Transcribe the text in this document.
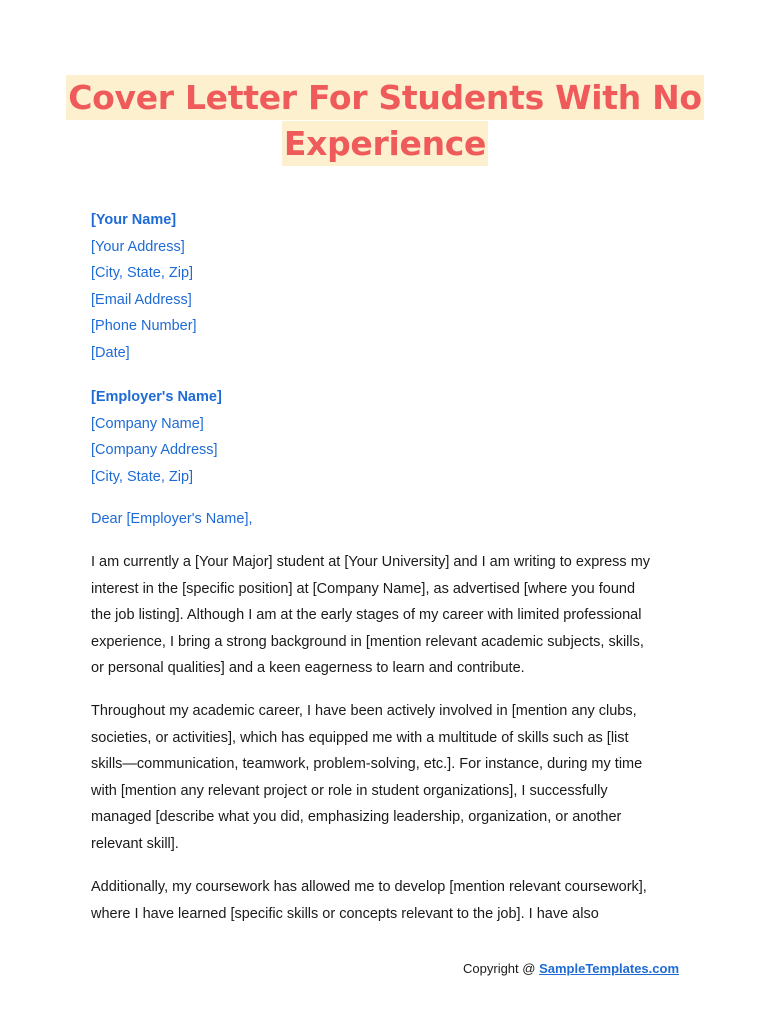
Cover Letter For Students With No
Experience
[Your Name]
[Your Address]
[City, State, Zip]
[Email Address]
[Phone Number]
[Date]
[Employer's Name]
[Company Name]
[Company Address]
[City, State, Zip]
Dear [Employer's Name],
I am currently a [Your Major] student at [Your University] and I am writing to express my
interest in the [specific position] at [Company Name], as advertised [where you found
the job listing]. Although I am at the early stages of my career with limited professional
experience, I bring a strong background in [mention relevant academic subjects, skills,
or personal qualities] and a keen eagerness to learn and contribute.
Throughout my academic career, I have been actively involved in [mention any clubs,
societies, or activities], which has equipped me with a multitude of skills such as [list
skills—communication, teamwork, problem-solving, etc.]. For instance, during my time
with [mention any relevant project or role in student organizations], I successfully
managed [describe what you did, emphasizing leadership, organization, or another
relevant skill].
Additionally, my coursework has allowed me to develop [mention relevant coursework],
where I have learned [specific skills or concepts relevant to the job]. I have also
Copyright @ SampleTemplates.com
